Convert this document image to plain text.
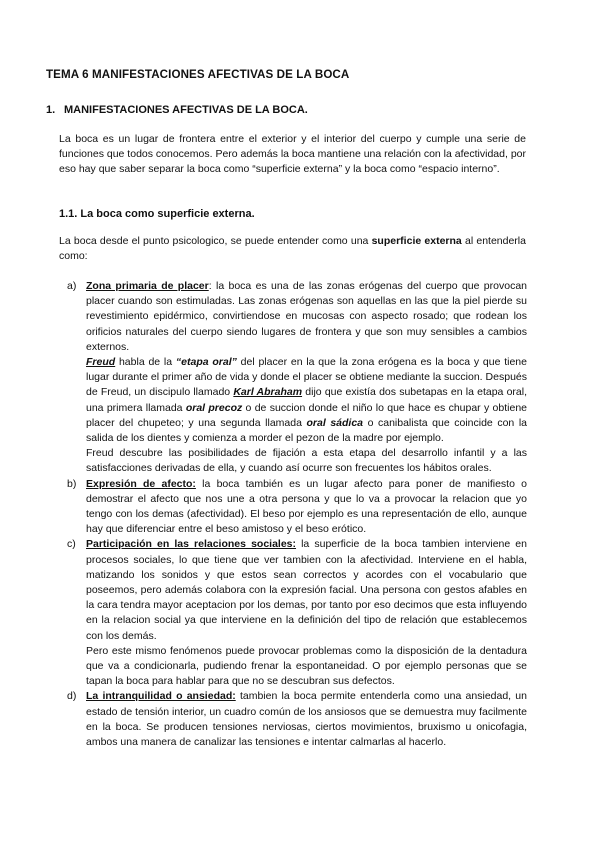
TEMA 6 MANIFESTACIONES AFECTIVAS DE LA BOCA
1. MANIFESTACIONES AFECTIVAS DE LA BOCA.
La boca es un lugar de frontera entre el exterior y el interior del cuerpo y cumple una serie de funciones que todos conocemos. Pero además la boca mantiene una relación con la afectividad, por eso hay que saber separar la boca como “superficie externa” y la boca como “espacio interno”.
1.1. La boca como superficie externa.
La boca desde el punto psicologico, se puede entender como una superficie externa al entenderla como:
a) Zona primaria de placer: la boca es una de las zonas erógenas del cuerpo que provocan placer cuando son estimuladas. Las zonas erógenas son aquellas en las que la piel pierde su revestimiento epidérmico, convirtiendose en mucosas con aspecto rosado; que rodean los orificios naturales del cuerpo siendo lugares de frontera y que son muy sensibles a cambios externos.

Freud habla de la “etapa oral” del placer en la que la zona erógena es la boca y que tiene lugar durante el primer año de vida y donde el placer se obtiene mediante la succion. Después de Freud, un discipulo llamado Karl Abraham dijo que existía dos subetapas en la etapa oral, una primera llamada oral precoz o de succion donde el niño lo que hace es chupar y obtiene placer del chupeteo; y una segunda llamada oral sádica o canibalista que coincide con la salida de los dientes y comienza a morder el pezon de la madre por ejemplo.

Freud descubre las posibilidades de fijación a esta etapa del desarrollo infantil y a las satisfacciones derivadas de ella, y cuando así ocurre son frecuentes los hábitos orales.

b) Expresión de afecto: la boca también es un lugar afecto para poner de manifiesto o demostrar el afecto que nos une a otra persona y que lo va a provocar la relacion que yo tengo con los demas (afectividad). El beso por ejemplo es una representación de ello, aunque hay que diferenciar entre el beso amistoso y el beso erótico.

c) Participación en las relaciones sociales: la superficie de la boca tambien interviene en procesos sociales, lo que tiene que ver tambien con la afectividad. Interviene en el habla, matizando los sonidos y que estos sean correctos y acordes con el vocabulario que poseemos, pero además colabora con la expresión facial. Una persona con gestos afables en la cara tendra mayor aceptacion por los demas, por tanto por eso decimos que esta influyendo en la relacion social ya que interviene en la definición del tipo de relación que establecemos con los demás.

Pero este mismo fenómenos puede provocar problemas como la disposición de la dentadura que va a condicionarla, pudiendo frenar la espontaneidad. O por ejemplo personas que se tapan la boca para hablar para que no se descubran sus defectos.

d) La intranquilidad o ansiedad: tambien la boca permite entenderla como una ansiedad, un estado de tensión interior, un cuadro común de los ansiosos que se demuestra muy facilmente en la boca. Se producen tensiones nerviosas, ciertos movimientos, bruxismo u onicofagia, ambos una manera de canalizar las tensiones e intentar calmarlas al hacerlo.
